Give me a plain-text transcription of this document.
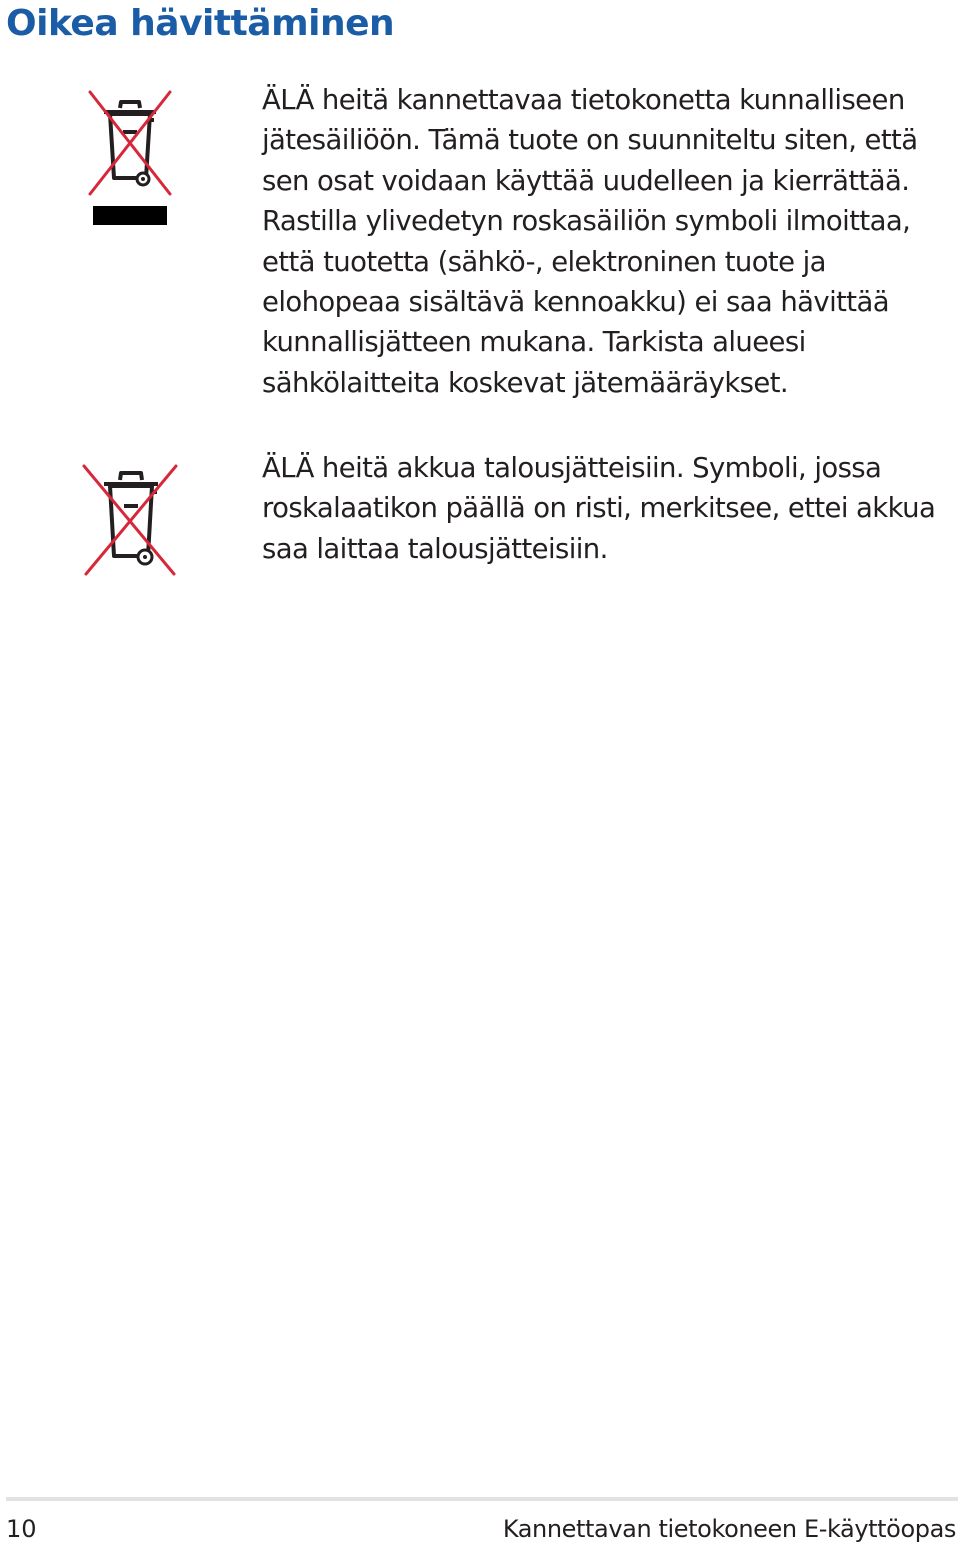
Oikea hävittäminen

ÄLÄ heitä kannettavaa tietokonetta kunnalliseen jätesäiliöön. Tämä tuote on suunniteltu siten, että sen osat voidaan käyttää uudelleen ja kierrättää. Rastilla ylivedetyn roskasäiliön symboli ilmoittaa, että tuotetta (sähkö-, elektroninen tuote ja elohopeaa sisältävä kennoakku) ei saa hävittää kunnallisjätteen mukana. Tarkista alueesi sähkölaitteita koskevat jätemääräykset.

ÄLÄ heitä akkua talousjätteisiin. Symboli, jossa roskalaatikon päällä on risti, merkitsee, ettei akkua saa laittaa talousjätteisiin.

10	Kannettavan tietokoneen E-käyttöopas
